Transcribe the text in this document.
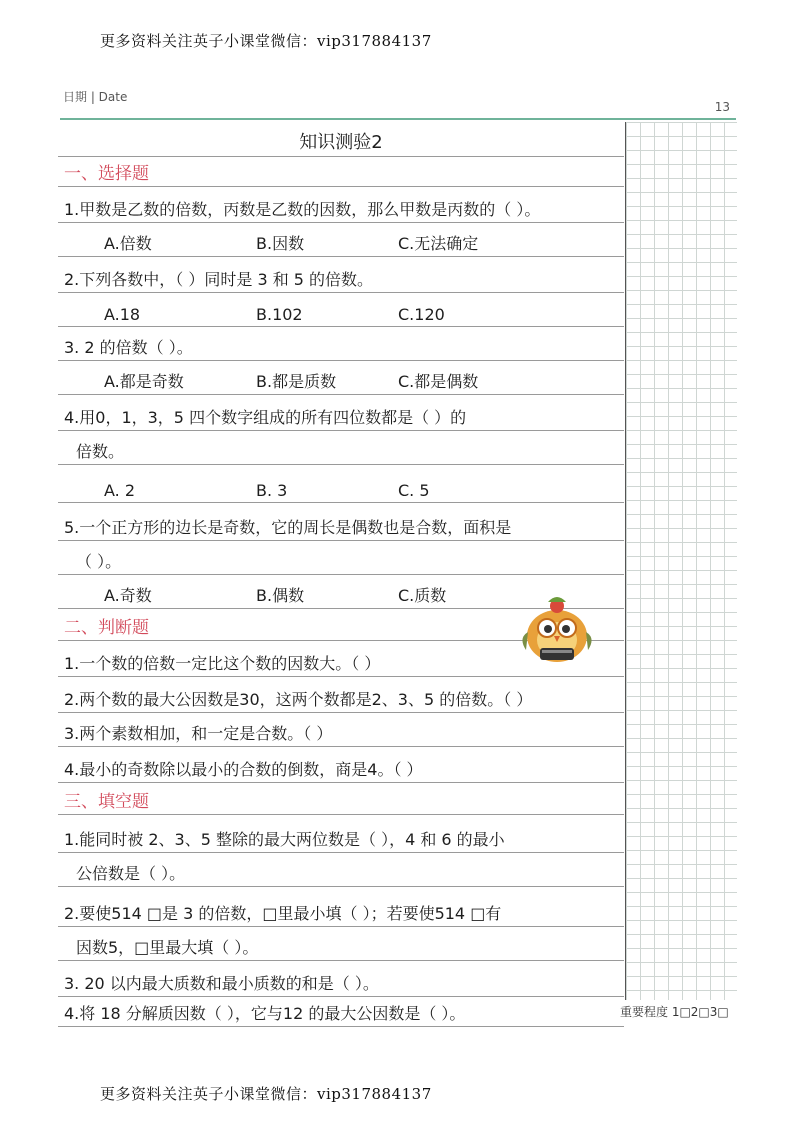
更多资料关注英子小课堂微信：vip317884137
日期 | Date
13
重要程度 1□2□3□
知识测验2
一、选择题
1.甲数是乙数的倍数，丙数是乙数的因数，那么甲数是丙数的（ ）。
A.倍数	B.因数	C.无法确定
2.下列各数中，（ ）同时是 3 和 5 的倍数。
A.18	B.102	C.120
3. 2 的倍数（ ）。
A.都是奇数	B.都是质数	C.都是偶数
4.用0，1，3，5 四个数字组成的所有四位数都是（ ）的
倍数。
A. 2	B. 3	C. 5
5.一个正方形的边长是奇数，它的周长是偶数也是合数，面积是
（ ）。
A.奇数	B.偶数	C.质数
二、判断题
1.一个数的倍数一定比这个数的因数大。（ ）
2.两个数的最大公因数是30，这两个数都是2、3、5 的倍数。（ ）
3.两个素数相加，和一定是合数。（ ）
4.最小的奇数除以最小的合数的倒数，商是4。（ ）
三、填空题
1.能同时被 2、3、5 整除的最大两位数是（ ），4 和 6 的最小
公倍数是（ ）。
2.要使514 □是 3 的倍数，□里最小填（ ）；若要使514 □有
因数5，□里最大填（ ）。
3. 20 以内最大质数和最小质数的和是（ ）。
4.将 18 分解质因数（ ），它与12 的最大公因数是（ ）。
更多资料关注英子小课堂微信：vip317884137
